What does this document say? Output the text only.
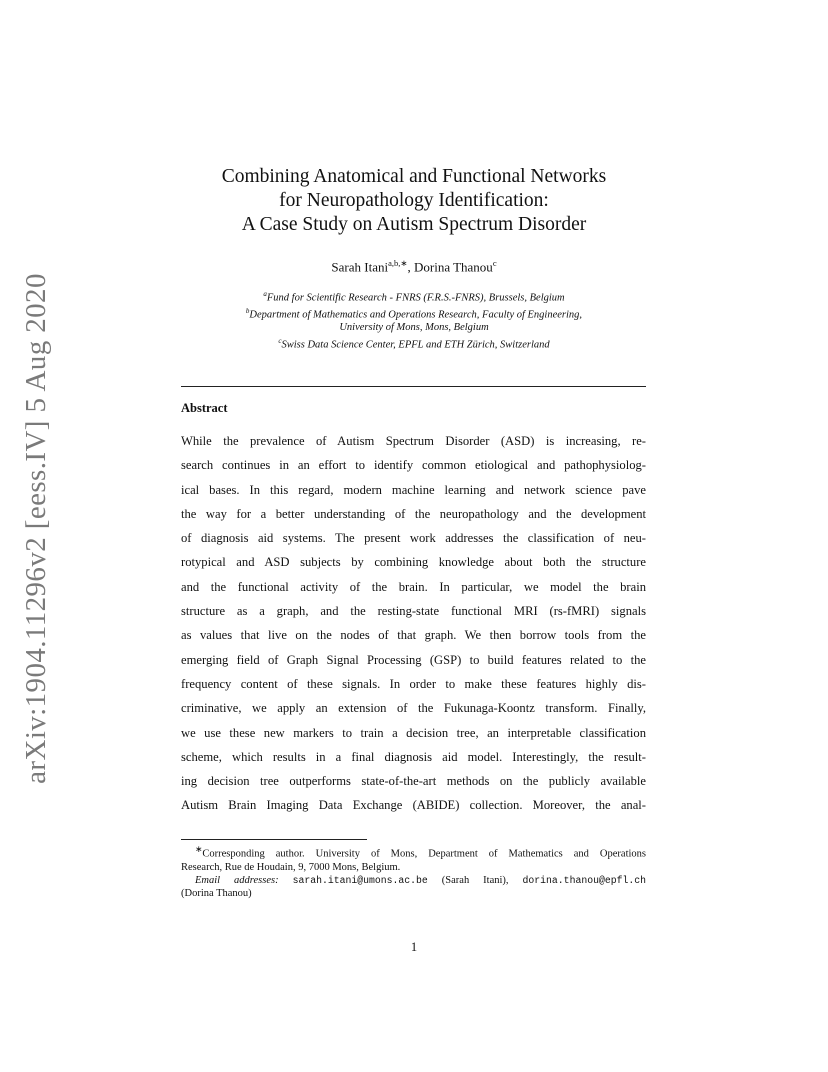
arXiv:1904.11296v2 [eess.IV] 5 Aug 2020
Combining Anatomical and Functional Networks
for Neuropathology Identification:
A Case Study on Autism Spectrum Disorder
Sarah Itani$^{a,b,∗}$, Dorina Thanou$^c$
$^a$Fund for Scientific Research - FNRS (F.R.S.-FNRS), Brussels, Belgium
$^b$Department of Mathematics and Operations Research, Faculty of Engineering,
University of Mons, Mons, Belgium
$^c$Swiss Data Science Center, EPFL and ETH Zürich, Switzerland
Abstract
While the prevalence of Autism Spectrum Disorder (ASD) is increasing, re-
search continues in an effort to identify common etiological and pathophysiolog-
ical bases. In this regard, modern machine learning and network science pave
the way for a better understanding of the neuropathology and the development
of diagnosis aid systems. The present work addresses the classification of neu-
rotypical and ASD subjects by combining knowledge about both the structure
and the functional activity of the brain. In particular, we model the brain
structure as a graph, and the resting-state functional MRI (rs-fMRI) signals
as values that live on the nodes of that graph. We then borrow tools from the
emerging field of Graph Signal Processing (GSP) to build features related to the
frequency content of these signals. In order to make these features highly dis-
criminative, we apply an extension of the Fukunaga-Koontz transform. Finally,
we use these new markers to train a decision tree, an interpretable classification
scheme, which results in a final diagnosis aid model. Interestingly, the result-
ing decision tree outperforms state-of-the-art methods on the publicly available
Autism Brain Imaging Data Exchange (ABIDE) collection. Moreover, the anal-
∗Corresponding author. University of Mons, Department of Mathematics and Operations
Research, Rue de Houdain, 9, 7000 Mons, Belgium.
Email addresses: sarah.itani@umons.ac.be (Sarah Itani), dorina.thanou@epfl.ch
(Dorina Thanou)
1
